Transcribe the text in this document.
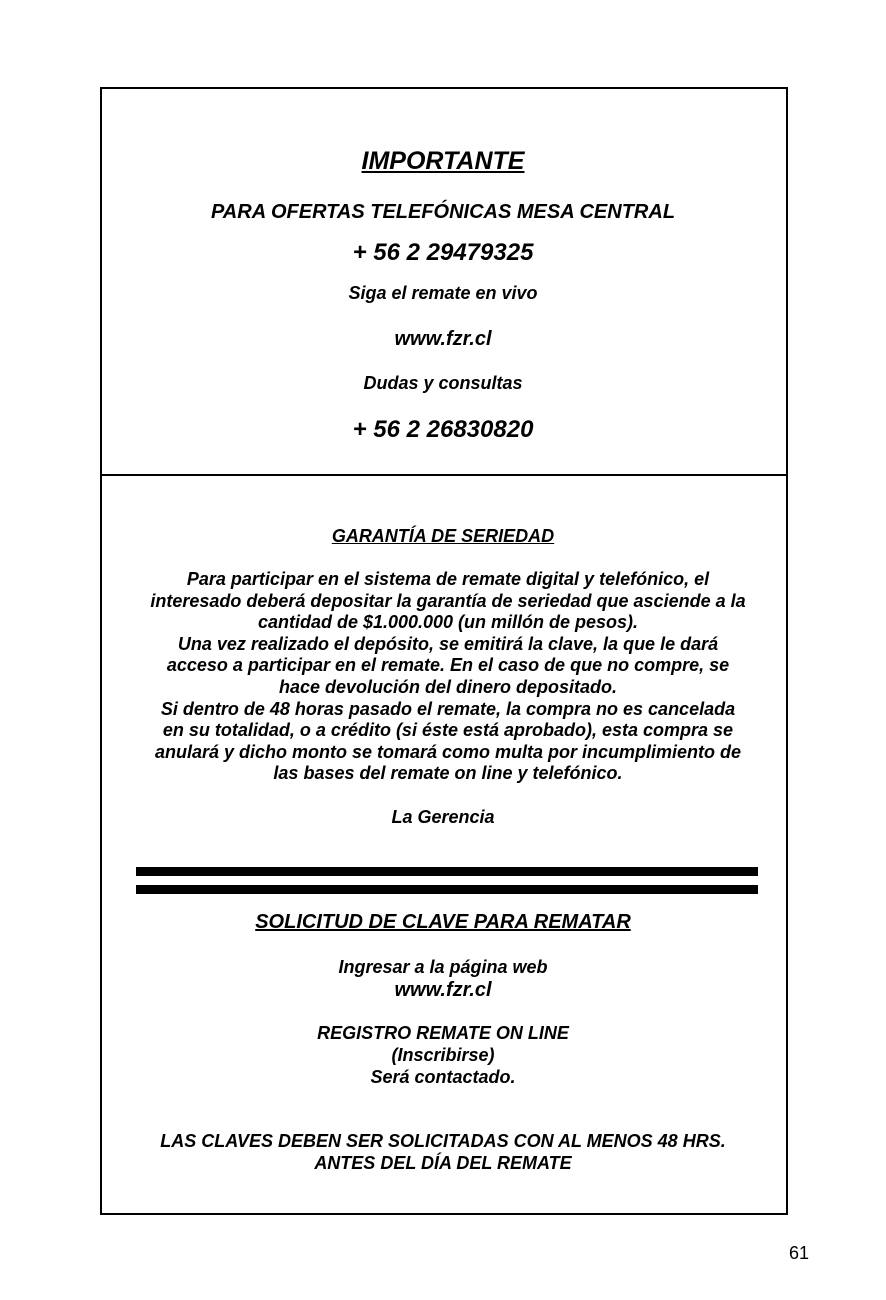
IMPORTANTE
PARA OFERTAS TELEFÓNICAS MESA CENTRAL
+ 56 2 29479325
Siga el remate en vivo
www.fzr.cl
Dudas y consultas
+ 56 2 26830820
GARANTÍA DE SERIEDAD
Para participar en el sistema de remate digital y telefónico, el
interesado deberá depositar la garantía de seriedad que asciende a la
cantidad de $1.000.000 (un millón de pesos).
Una vez realizado el depósito, se emitirá la clave, la que le dará
acceso a participar en el remate. En el caso de que no compre, se
hace devolución del dinero depositado.
Si dentro de 48 horas pasado el remate, la compra no es cancelada
en su totalidad, o a crédito (si éste está aprobado), esta compra se
anulará y dicho monto se tomará como multa por incumplimiento de
las bases del remate on line y telefónico.
La Gerencia
SOLICITUD DE CLAVE PARA REMATAR
Ingresar a la página web
www.fzr.cl
REGISTRO REMATE ON LINE
(Inscribirse)
Será contactado.
LAS CLAVES DEBEN SER SOLICITADAS CON AL MENOS 48 HRS.
ANTES DEL DÍA DEL REMATE
61
